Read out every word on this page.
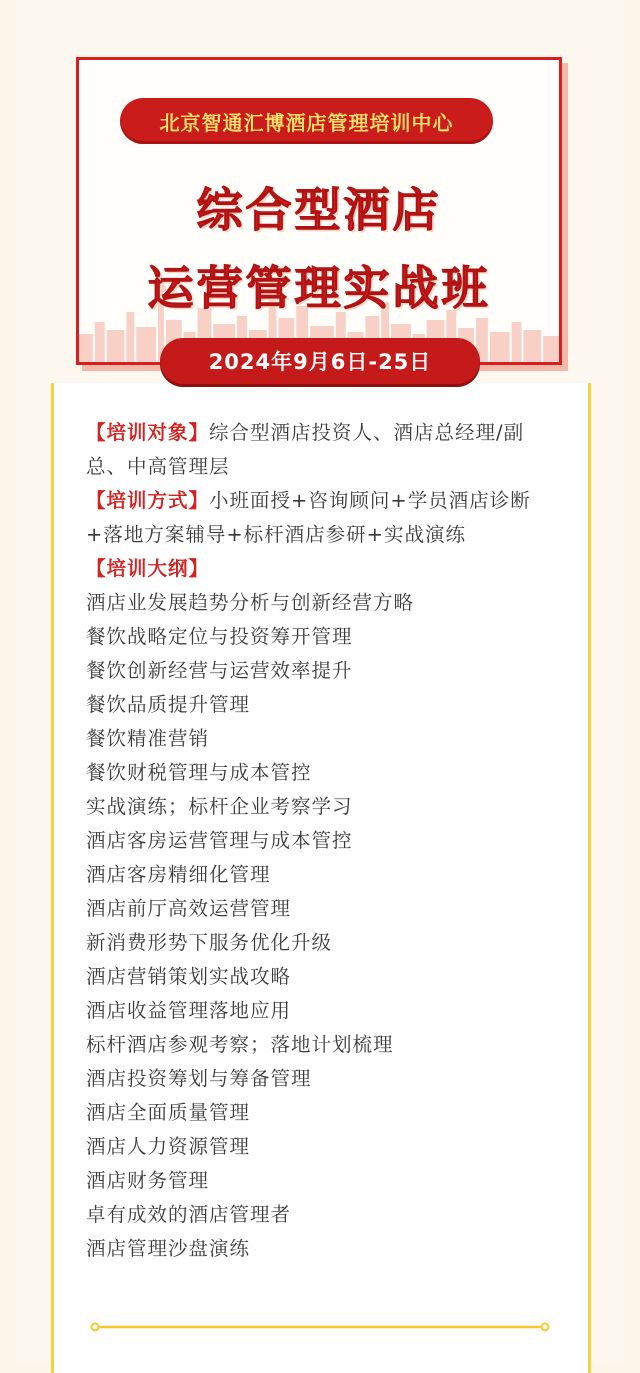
北京智通汇博酒店管理培训中心
综合型酒店
运营管理实战班
2024年9月6日-25日

【培训对象】综合型酒店投资人、酒店总经理/副总、中高管理层

【培训方式】小班面授+咨询顾问+学员酒店诊断+落地方案辅导+标杆酒店参研+实战演练

【培训大纲】

酒店业发展趋势分析与创新经营方略
餐饮战略定位与投资筹开管理
餐饮创新经营与运营效率提升
餐饮品质提升管理
餐饮精准营销
餐饮财税管理与成本管控
实战演练；标杆企业考察学习
酒店客房运营管理与成本管控
酒店客房精细化管理
酒店前厅高效运营管理
新消费形势下服务优化升级
酒店营销策划实战攻略
酒店收益管理落地应用
标杆酒店参观考察；落地计划梳理
酒店投资筹划与筹备管理
酒店全面质量管理
酒店人力资源管理
酒店财务管理
卓有成效的酒店管理者
酒店管理沙盘演练
